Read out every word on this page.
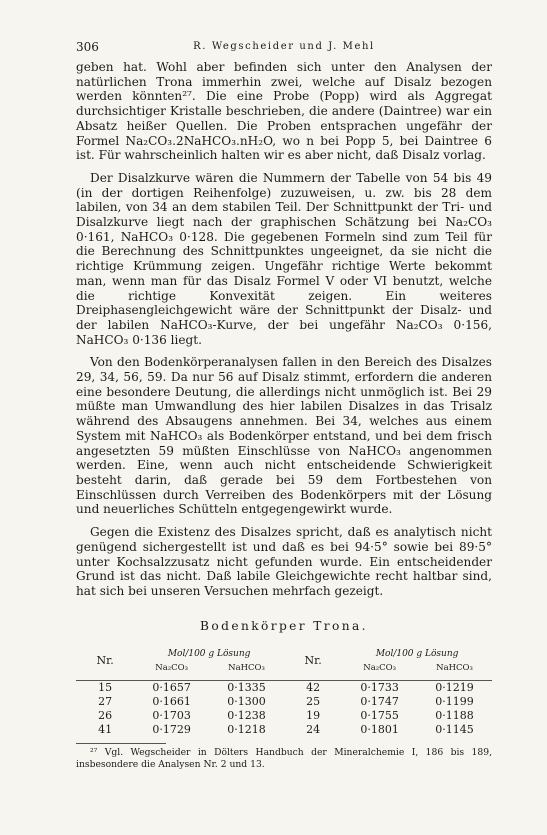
306	R. Wegscheider und J. Mehl

geben hat. Wohl aber befinden sich unter den Analysen der natürlichen Trona immerhin zwei, welche auf Disalz bezogen werden könnten²⁷. Die eine Probe (Popp) wird als Aggregat durchsichtiger Kristalle beschrieben, die andere (Daintree) war ein Absatz heißer Quellen. Die Proben entsprachen ungefähr der Formel Na₂CO₃.2NaHCO₃.nH₂O, wo n bei Popp 5, bei Daintree 6 ist. Für wahrscheinlich halten wir es aber nicht, daß Disalz vorlag.

Der Disalzkurve wären die Nummern der Tabelle von 54 bis 49 (in der dortigen Reihenfolge) zuzuweisen, u. zw. bis 28 dem labilen, von 34 an dem stabilen Teil. Der Schnittpunkt der Tri- und Disalzkurve liegt nach der graphischen Schätzung bei Na₂CO₃ 0·161, NaHCO₃ 0·128. Die gegebenen Formeln sind zum Teil für die Berechnung des Schnittpunktes ungeeignet, da sie nicht die richtige Krümmung zeigen. Ungefähr richtige Werte bekommt man, wenn man für das Disalz Formel V oder VI benutzt, welche die richtige Konvexität zeigen. Ein weiteres Dreiphasengleichgewicht wäre der Schnittpunkt der Disalz- und der labilen NaHCO₃-Kurve, der bei ungefähr Na₂CO₃ 0·156, NaHCO₃ 0·136 liegt.

Von den Bodenkörperanalysen fallen in den Bereich des Disalzes 29, 34, 56, 59. Da nur 56 auf Disalz stimmt, erfordern die anderen eine besondere Deutung, die allerdings nicht unmöglich ist. Bei 29 müßte man Umwandlung des hier labilen Disalzes in das Trisalz während des Absaugens annehmen. Bei 34, welches aus einem System mit NaHCO₃ als Bodenkörper entstand, und bei dem frisch angesetzten 59 müßten Einschlüsse von NaHCO₃ angenommen werden. Eine, wenn auch nicht entscheidende Schwierigkeit besteht darin, daß gerade bei 59 dem Fortbestehen von Einschlüssen durch Verreiben des Bodenkörpers mit der Lösung und neuerliches Schütteln entgegengewirkt wurde.

Gegen die Existenz des Disalzes spricht, daß es analytisch nicht genügend sichergestellt ist und daß es bei 94·5° sowie bei 89·5° unter Kochsalzzusatz nicht gefunden wurde. Ein entscheidender Grund ist das nicht. Daß labile Gleichgewichte recht haltbar sind, hat sich bei unseren Versuchen mehrfach gezeigt.

Bodenkörper Trona.
Nr.	Mol/100 g Lösung		Nr.	Mol/100 g Lösung	
	Na₂CO₃	NaHCO₃		Na₂CO₃	NaHCO₃

15	0·1657	0·1335	42	0·1733	0·1219
27	0·1661	0·1300	25	0·1747	0·1199
26	0·1703	0·1238	19	0·1755	0·1188
41	0·1729	0·1218	24	0·1801	0·1145
²⁷ Vgl. Wegscheider in Dölters Handbuch der Mineralchemie I, 186 bis 189, insbesondere die Analysen Nr. 2 und 13.
